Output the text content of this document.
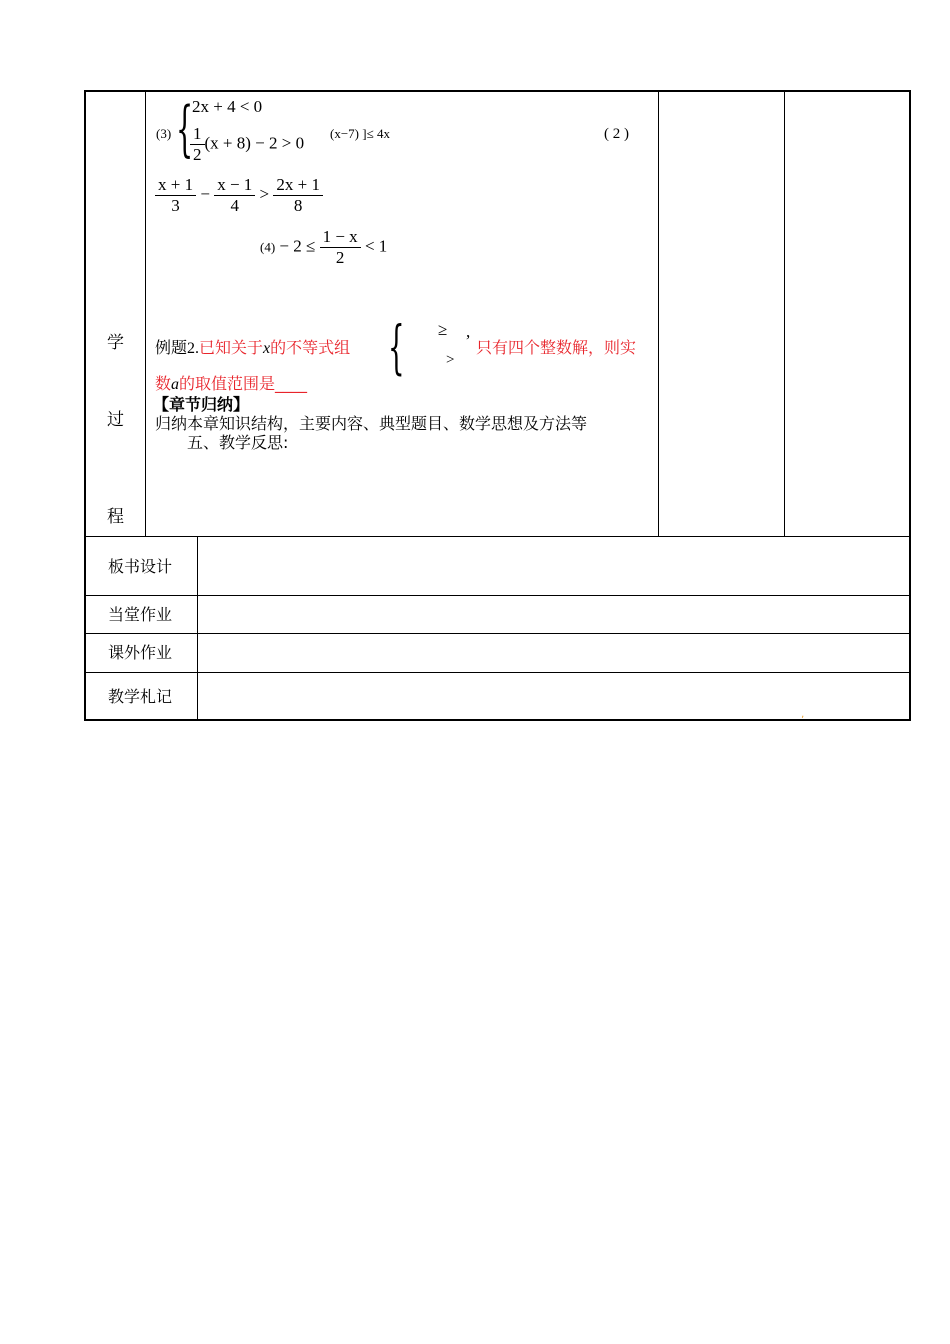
学
过
程
(3) {
2x + 4 < 0
$\frac{1}{2} (x + 8) - 2 > 0$ (x−7) ]≤ 4x	( 2 )
$\frac{x + 1}{3} - \frac{x - 1}{4} > \frac{2x + 1}{8}$
$(4) - 2 \le \frac{1 - x}{2} < 1$
例题2.已知关于x的不等式组 { ≥ ,
>
只有四个整数解，则实
数a的取值范围是____
【章节归纳】
归纳本章知识结构，主要内容、典型题目、数学思想及方法等
五、教学反思:
板书设计
当堂作业
课外作业
教学札记
ʼ
